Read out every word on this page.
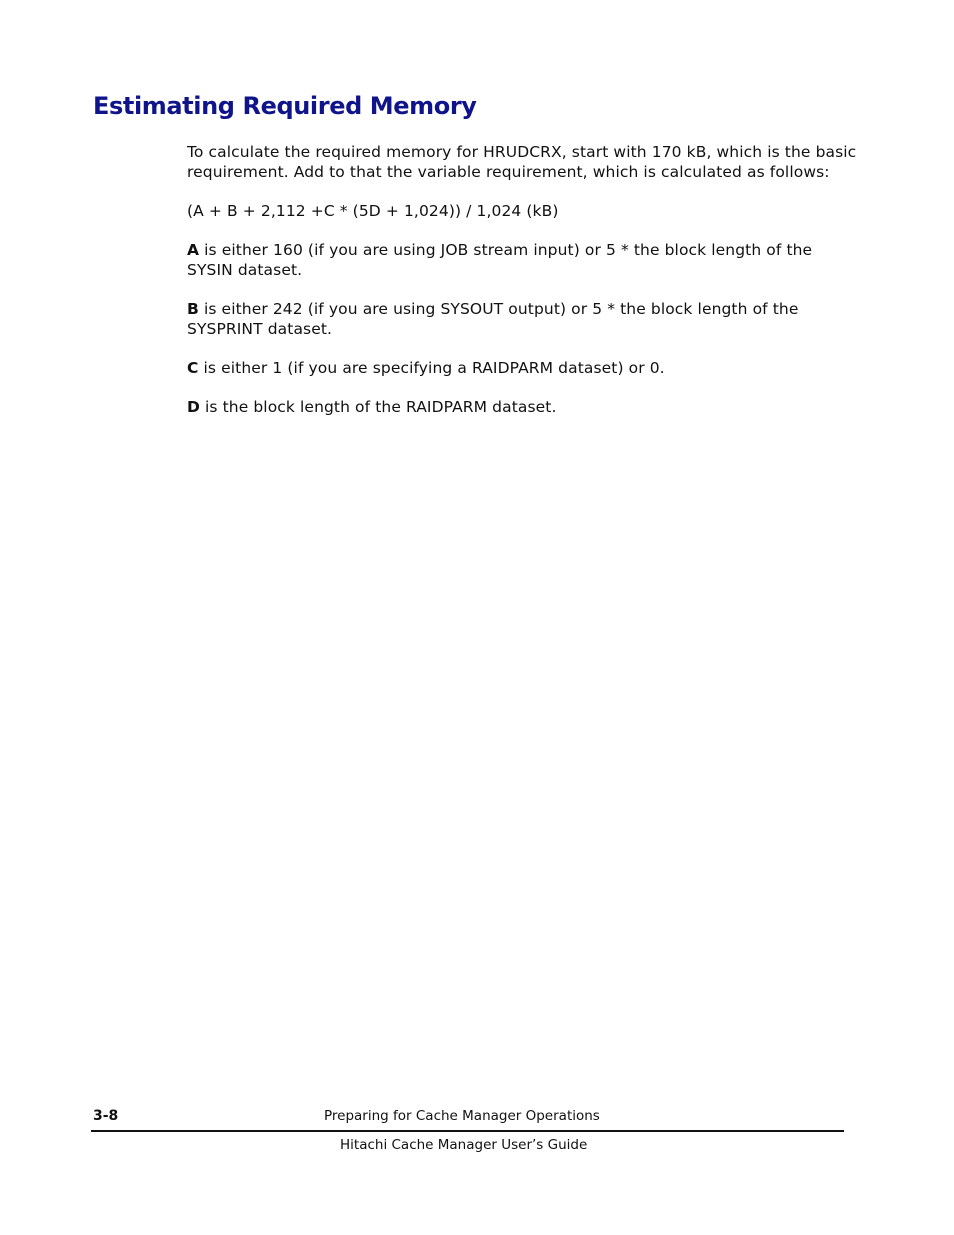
Estimating Required Memory

To calculate the required memory for HRUDCRX, start with 170 kB, which is the basic requirement. Add to that the variable requirement, which is calculated as follows:

(A + B + 2,112 +C * (5D + 1,024)) / 1,024 (kB)

A is either 160 (if you are using JOB stream input) or 5 * the block length of the SYSIN dataset.

B is either 242 (if you are using SYSOUT output) or 5 * the block length of the SYSPRINT dataset.

C is either 1 (if you are specifying a RAIDPARM dataset) or 0.

D is the block length of the RAIDPARM dataset.

3-8	Preparing for Cache Manager Operations
Hitachi Cache Manager User’s Guide
